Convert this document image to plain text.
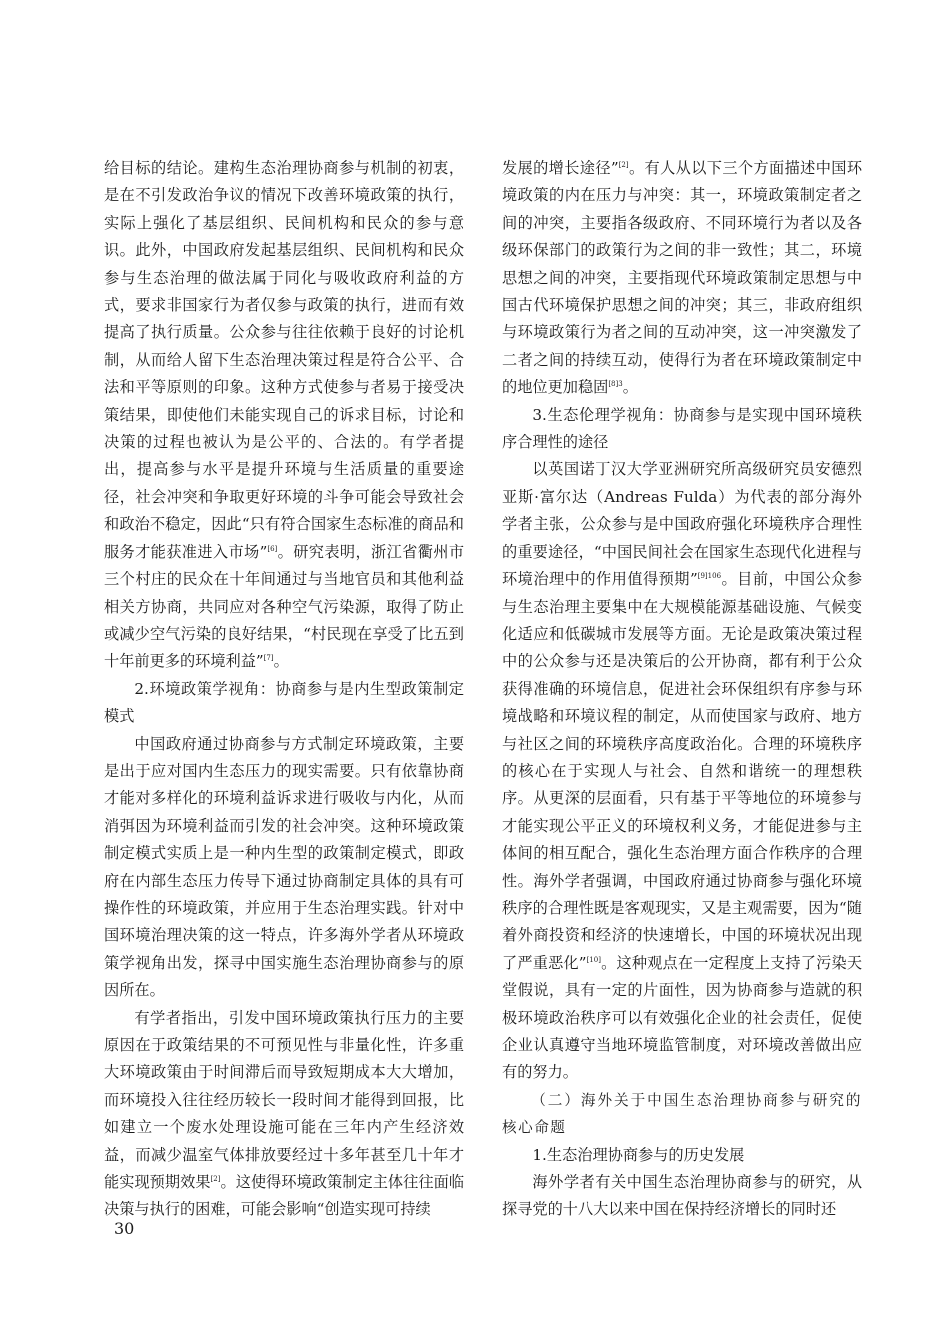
给目标的结论。建构生态治理协商参与机制的初衷，是在不引发政治争议的情况下改善环境政策的执行，实际上强化了基层组织、民间机构和民众的参与意识。此外，中国政府发起基层组织、民间机构和民众参与生态治理的做法属于同化与吸收政府利益的方式，要求非国家行为者仅参与政策的执行，进而有效提高了执行质量。公众参与往往依赖于良好的讨论机制，从而给人留下生态治理决策过程是符合公平、合法和平等原则的印象。这种方式使参与者易于接受决策结果，即使他们未能实现自己的诉求目标，讨论和决策的过程也被认为是公平的、合法的。有学者提出，提高参与水平是提升环境与生活质量的重要途径，社会冲突和争取更好环境的斗争可能会导致社会和政治不稳定，因此“只有符合国家生态标准的商品和服务才能获准进入市场”[6]。研究表明，浙江省衢州市三个村庄的民众在十年间通过与当地官员和其他利益相关方协商，共同应对各种空气污染源，取得了防止或减少空气污染的良好结果，“村民现在享受了比五到十年前更多的环境利益”[7]。

2.环境政策学视角：协商参与是内生型政策制定模式

中国政府通过协商参与方式制定环境政策，主要是出于应对国内生态压力的现实需要。只有依靠协商才能对多样化的环境利益诉求进行吸收与内化，从而消弭因为环境利益而引发的社会冲突。这种环境政策制定模式实质上是一种内生型的政策制定模式，即政府在内部生态压力传导下通过协商制定具体的具有可操作性的环境政策，并应用于生态治理实践。针对中国环境治理决策的这一特点，许多海外学者从环境政策学视角出发，探寻中国实施生态治理协商参与的原因所在。

有学者指出，引发中国环境政策执行压力的主要原因在于政策结果的不可预见性与非量化性，许多重大环境政策由于时间滞后而导致短期成本大大增加，而环境投入往往经历较长一段时间才能得到回报，比如建立一个废水处理设施可能在三年内产生经济效益，而减少温室气体排放要经过十多年甚至几十年才能实现预期效果[2]。这使得环境政策制定主体往往面临决策与执行的困难，可能会影响“创造实现可持续

发展的增长途径”[2]。有人从以下三个方面描述中国环境政策的内在压力与冲突：其一，环境政策制定者之间的冲突，主要指各级政府、不同环境行为者以及各级环保部门的政策行为之间的非一致性；其二，环境思想之间的冲突，主要指现代环境政策制定思想与中国古代环境保护思想之间的冲突；其三，非政府组织与环境政策行为者之间的互动冲突，这一冲突激发了二者之间的持续互动，使得行为者在环境政策制定中的地位更加稳固$^{[8]3}$。

3.生态伦理学视角：协商参与是实现中国环境秩序合理性的途径

以英国诺丁汉大学亚洲研究所高级研究员安德烈亚斯·富尔达（Andreas Fulda）为代表的部分海外学者主张，公众参与是中国政府强化环境秩序合理性的重要途径，“中国民间社会在国家生态现代化进程与环境治理中的作用值得预期”$^{[9]106}$。目前，中国公众参与生态治理主要集中在大规模能源基础设施、气候变化适应和低碳城市发展等方面。无论是政策决策过程中的公众参与还是决策后的公开协商，都有利于公众获得准确的环境信息，促进社会环保组织有序参与环境战略和环境议程的制定，从而使国家与政府、地方与社区之间的环境秩序高度政治化。合理的环境秩序的核心在于实现人与社会、自然和谐统一的理想秩序。从更深的层面看，只有基于平等地位的环境参与才能实现公平正义的环境权利义务，才能促进参与主体间的相互配合，强化生态治理方面合作秩序的合理性。海外学者强调，中国政府通过协商参与强化环境秩序的合理性既是客观现实，又是主观需要，因为“随着外商投资和经济的快速增长，中国的环境状况出现了严重恶化”[10]。这种观点在一定程度上支持了污染天堂假说，具有一定的片面性，因为协商参与造就的积极环境政治秩序可以有效强化企业的社会责任，促使企业认真遵守当地环境监管制度，对环境改善做出应有的努力。

（二）海外关于中国生态治理协商参与研究的核心命题
1.生态治理协商参与的历史发展

海外学者有关中国生态治理协商参与的研究，从探寻党的十八大以来中国在保持经济增长的同时还

30
